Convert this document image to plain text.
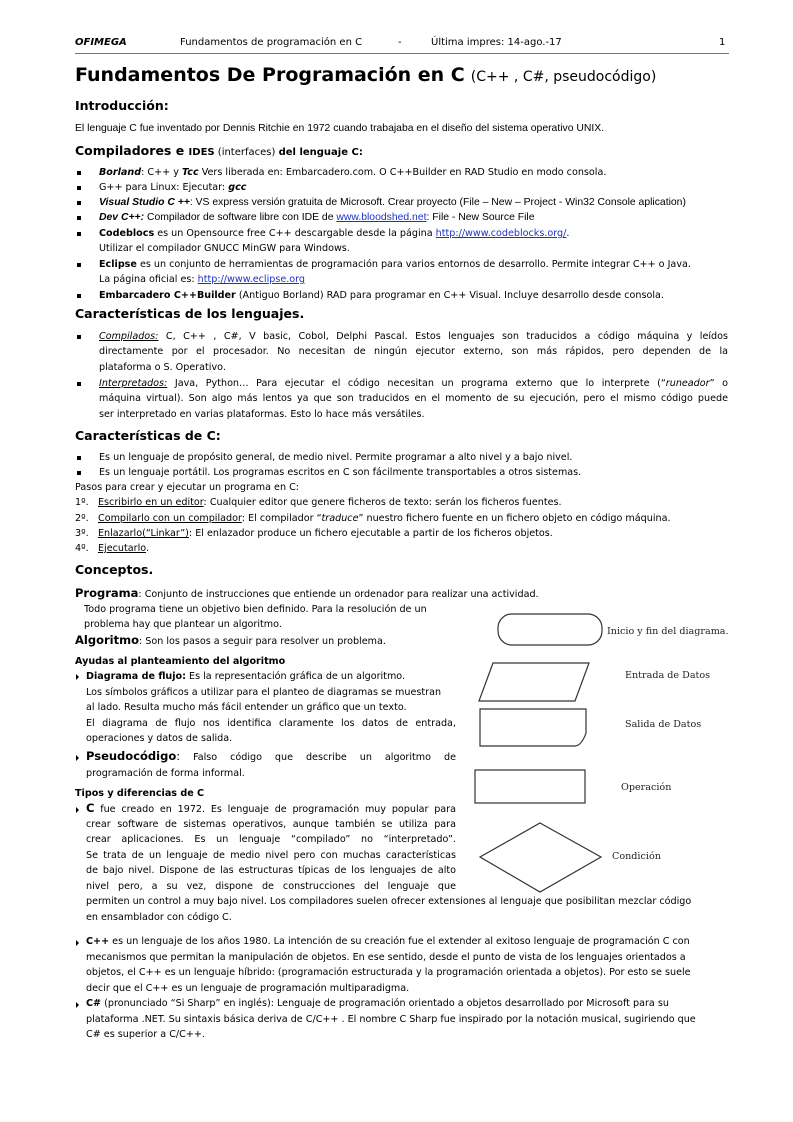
OFIMEGA	Fundamentos de programación en C	-	Última impres: 14-ago.-17	1
Fundamentos De Programación en C (C++ , C#, pseudocódigo)
Introducción:
El lenguaje C fue inventado por Dennis Ritchie en 1972 cuando trabajaba en el diseño del sistema operativo UNIX.
Compiladores e IDES (interfaces) del lenguaje C:
Borland: C++ y Tcc Vers liberada en: Embarcadero.com. O C++Builder en RAD Studio en modo consola.
G++ para Linux: Ejecutar: gcc
Visual Studio C ++: VS express versión gratuita de Microsoft. Crear proyecto (File – New – Project - Win32 Console aplication)
Dev C++: Compilador de software libre con IDE de www.bloodshed.net: File - New Source File
Codeblocs es un Opensource free C++ descargable desde la página http://www.codeblocks.org/.
Utilizar el compilador GNUCC MinGW para Windows.
Eclipse es un conjunto de herramientas de programación para varios entornos de desarrollo. Permite integrar C++ o Java.
La página oficial es: http://www.eclipse.org
Embarcadero C++Builder (Antiguo Borland) RAD para programar en C++ Visual. Incluye desarrollo desde consola.
Características de los lenguajes.
Compilados: C, C++ , C#, V basic, Cobol, Delphi Pascal. Estos lenguajes son traducidos a código máquina y leídos
directamente por el procesador. No necesitan de ningún ejecutor externo, son más rápidos, pero dependen de la
plataforma o S. Operativo.
Interpretados: Java, Python… Para ejecutar el código necesitan un programa externo que lo interprete (“runeador” o
máquina virtual). Son algo más lentos ya que son traducidos en el momento de su ejecución, pero el mismo código puede
ser interpretado en varias plataformas. Esto lo hace más versátiles.
Características de C:
Es un lenguaje de propósito general, de medio nivel. Permite programar a alto nivel y a bajo nivel.
Es un lenguaje portátil. Los programas escritos en C son fácilmente transportables a otros sistemas.
Pasos para crear y ejecutar un programa en C:
1º. Escribirlo en un editor: Cualquier editor que genere ficheros de texto: serán los ficheros fuentes.
2º. Compilarlo con un compilador: El compilador “traduce” nuestro fichero fuente en un fichero objeto en código máquina.
3º. Enlazarlo(“Linkar”): El enlazador produce un fichero ejecutable a partir de los ficheros objetos.
4º. Ejecutarlo.
Conceptos.
Programa: Conjunto de instrucciones que entiende un ordenador para realizar una actividad.
Todo programa tiene un objetivo bien definido. Para la resolución de un
problema hay que plantear un algoritmo.
Algoritmo: Son los pasos a seguir para resolver un problema.
Ayudas al planteamiento del algoritmo
Diagrama de flujo: Es la representación gráfica de un algoritmo.
Los símbolos gráficos a utilizar para el planteo de diagramas se muestran
al lado. Resulta mucho más fácil entender un gráfico que un texto.
El diagrama de flujo nos identifica claramente los datos de entrada,
operaciones y datos de salida.
Pseudocódigo: Falso código que describe un algoritmo de
programación de forma informal.
Tipos y diferencias de C
C fue creado en 1972. Es lenguaje de programación muy popular para
crear software de sistemas operativos, aunque también se utiliza para
crear aplicaciones. Es un lenguaje “compilado” no “interpretado”.
Se trata de un lenguaje de medio nivel pero con muchas características
de bajo nivel. Dispone de las estructuras típicas de los lenguajes de alto
nivel pero, a su vez, dispone de construcciones del lenguaje que
permiten un control a muy bajo nivel. Los compiladores suelen ofrecer extensiones al lenguaje que posibilitan mezclar código
en ensamblador con código C.
C++ es un lenguaje de los años 1980. La intención de su creación fue el extender al exitoso lenguaje de programación C con
mecanismos que permitan la manipulación de objetos. En ese sentido, desde el punto de vista de los lenguajes orientados a
objetos, el C++ es un lenguaje híbrido: (programación estructurada y la programación orientada a objetos). Por esto se suele
decir que el C++ es un lenguaje de programación multiparadigma.
C# (pronunciado “Si Sharp” en inglés): Lenguaje de programación orientado a objetos desarrollado por Microsoft para su
plataforma .NET. Su sintaxis básica deriva de C/C++ . El nombre C Sharp fue inspirado por la notación musical, sugiriendo que
C# es superior a C/C++.
Inicio y fin del diagrama.
Entrada de Datos
Salida de Datos
Operación
Condición
